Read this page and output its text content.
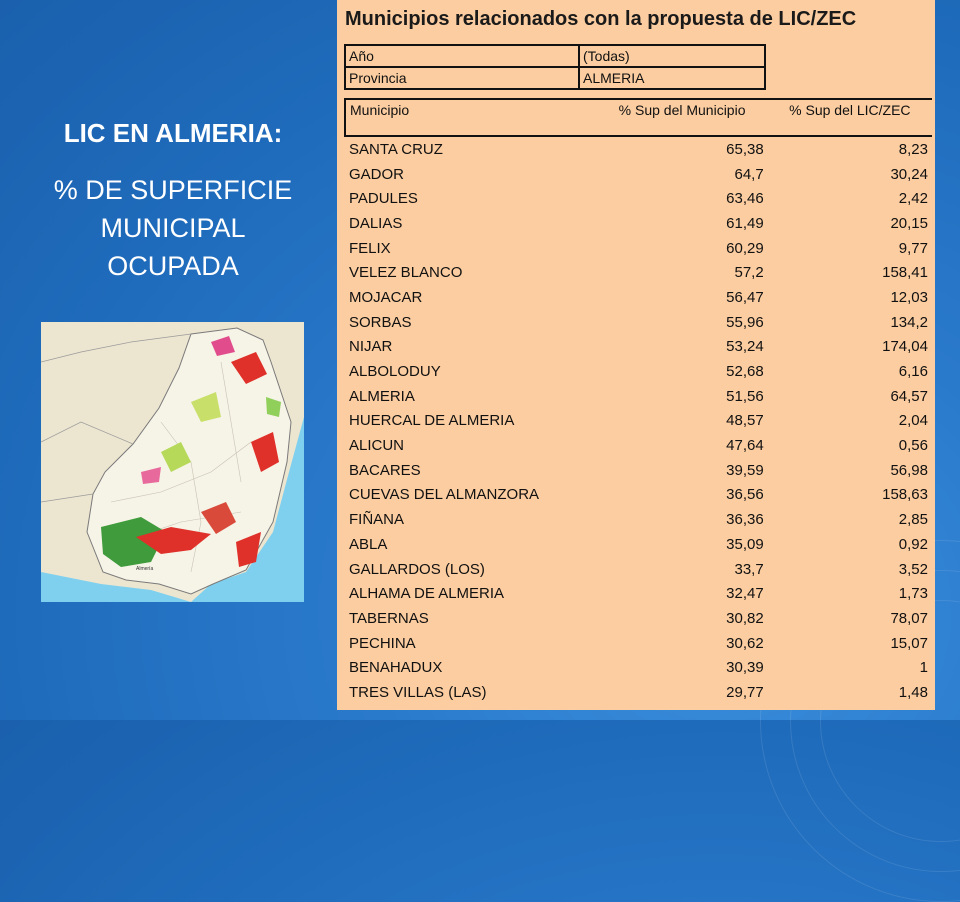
LIC EN ALMERIA:
% DE SUPERFICIE
MUNICIPAL
OCUPADA
Almería
Municipios relacionados con la propuesta de LIC/ZEC
Año	(Todas)
Provincia	ALMERIA
Municipio	% Sup del Municipio	% Sup del LIC/ZEC
SANTA CRUZ	65,38	8,23
GADOR	64,7	30,24
PADULES	63,46	2,42
DALIAS	61,49	20,15
FELIX	60,29	9,77
VELEZ BLANCO	57,2	158,41
MOJACAR	56,47	12,03
SORBAS	55,96	134,2
NIJAR	53,24	174,04
ALBOLODUY	52,68	6,16
ALMERIA	51,56	64,57
HUERCAL DE ALMERIA	48,57	2,04
ALICUN	47,64	0,56
BACARES	39,59	56,98
CUEVAS DEL ALMANZORA	36,56	158,63
FIÑANA	36,36	2,85
ABLA	35,09	0,92
GALLARDOS (LOS)	33,7	3,52
ALHAMA DE ALMERIA	32,47	1,73
TABERNAS	30,82	78,07
PECHINA	30,62	15,07
BENAHADUX	30,39	1
TRES VILLAS (LAS)	29,77	1,48
